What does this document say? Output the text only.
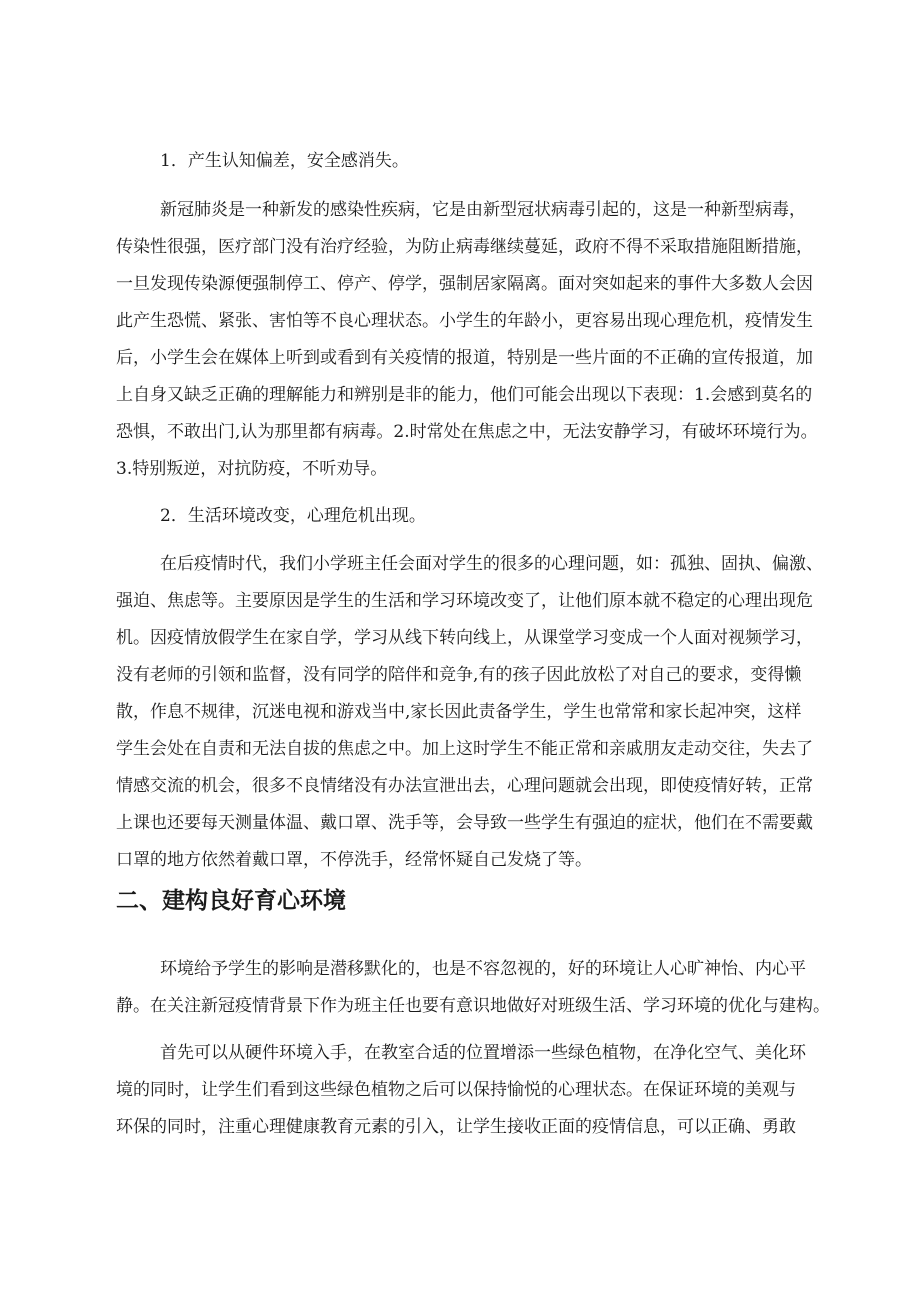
1．产生认知偏差，安全感消失。

新冠肺炎是一种新发的感染性疾病，它是由新型冠状病毒引起的，这是一种新型病毒，

传染性很强，医疗部门没有治疗经验，为防止病毒继续蔓延，政府不得不采取措施阻断措施，

一旦发现传染源便强制停工、停产、停学，强制居家隔离。面对突如起来的事件大多数人会因

此产生恐慌、紧张、害怕等不良心理状态。小学生的年龄小，更容易出现心理危机，疫情发生

后，小学生会在媒体上听到或看到有关疫情的报道，特别是一些片面的不正确的宣传报道，加

上自身又缺乏正确的理解能力和辨别是非的能力，他们可能会出现以下表现：1.会感到莫名的

恐惧，不敢出门,认为那里都有病毒。2.时常处在焦虑之中，无法安静学习，有破坏环境行为。

3.特别叛逆，对抗防疫，不听劝导。

2．生活环境改变，心理危机出现。

在后疫情时代，我们小学班主任会面对学生的很多的心理问题，如：孤独、固执、偏激、

强迫、焦虑等。主要原因是学生的生活和学习环境改变了，让他们原本就不稳定的心理出现危

机。因疫情放假学生在家自学，学习从线下转向线上，从课堂学习变成一个人面对视频学习，

没有老师的引领和监督，没有同学的陪伴和竞争,有的孩子因此放松了对自己的要求，变得懒

散，作息不规律，沉迷电视和游戏当中,家长因此责备学生，学生也常常和家长起冲突，这样

学生会处在自责和无法自拔的焦虑之中。加上这时学生不能正常和亲戚朋友走动交往，失去了

情感交流的机会，很多不良情绪没有办法宣泄出去，心理问题就会出现，即使疫情好转，正常

上课也还要每天测量体温、戴口罩、洗手等，会导致一些学生有强迫的症状，他们在不需要戴

口罩的地方依然着戴口罩，不停洗手，经常怀疑自己发烧了等。

二、建构良好育心环境

环境给予学生的影响是潜移默化的，也是不容忽视的，好的环境让人心旷神怡、内心平

静。在关注新冠疫情背景下作为班主任也要有意识地做好对班级生活、学习环境的优化与建构。

首先可以从硬件环境入手，在教室合适的位置增添一些绿色植物，在净化空气、美化环

境的同时，让学生们看到这些绿色植物之后可以保持愉悦的心理状态。在保证环境的美观与

环保的同时，注重心理健康教育元素的引入，让学生接收正面的疫情信息，可以正确、勇敢
